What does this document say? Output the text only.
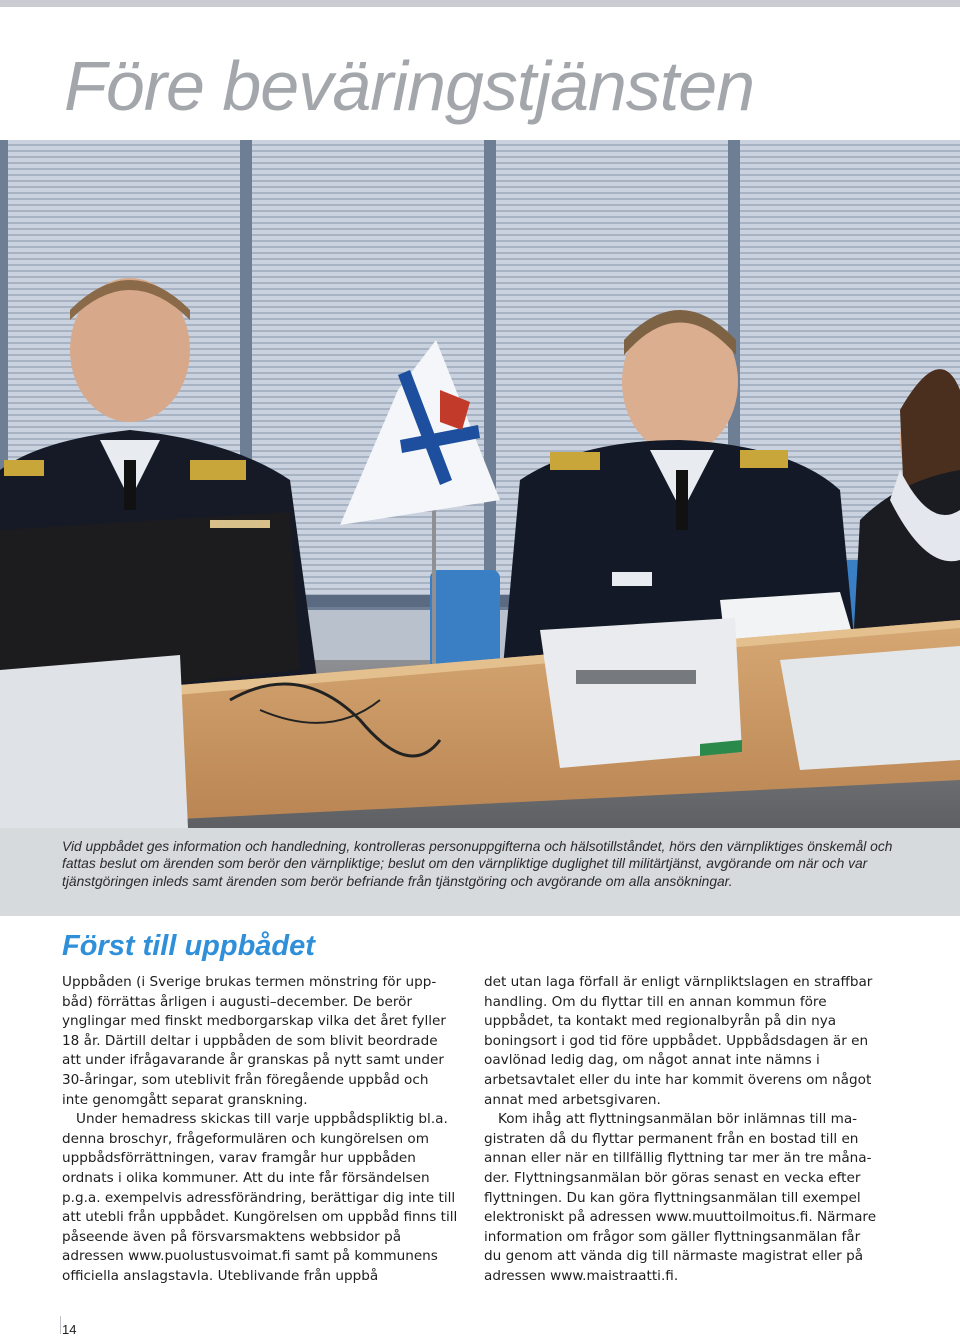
Före beväringstjänsten

Vid uppbådet ges information och handledning, kontrolleras personuppgifterna och hälsotillståndet, hörs den värnpliktiges önskemål och fattas beslut om ärenden som berör den värnpliktige; beslut om den värnpliktige duglighet till militärtjänst, avgörande om när och var tjänstgöringen inleds samt ärenden som berör befriande från tjänstgöring och avgörande om alla ansökningar.

Först till uppbådet

Uppbåden (i Sverige brukas termen mönstring för uppbåd) förrättas årligen i augusti–december. De berör ynglingar med finskt medborgarskap vilka det året fyller 18 år. Därtill deltar i uppbåden de som blivit beordrade att under ifrågavarande år granskas på nytt samt under 30-åringar, som uteblivit från föregående uppbåd och inte genomgått separat granskning.

Under hemadress skickas till varje uppbådspliktig bl.a. denna broschyr, frågeformulären och kungörelsen om uppbådsförrättningen, varav framgår hur uppbåden ordnats i olika kommuner. Att du inte får försändelsen p.g.a. exempelvis adressförändring, berättigar dig inte till att utebli från uppbådet. Kungörelsen om uppbåd finns till påseende även på försvarsmaktens webbsidor på adressen www.puolustusvoimat.fi samt på kommunens officiella anslagstavla. Uteblivande från uppbå

det utan laga förfall är enligt värnpliktslagen en straffbar handling. Om du flyttar till en annan kommun före uppbådet, ta kontakt med regionalbyrån på din nya boningsort i god tid före uppbådet. Uppbådsdagen är en oavlönad ledig dag, om något annat inte nämns i arbetsavtalet eller du inte har kommit överens om något annat med arbetsgivaren.

Kom ihåg att flyttningsanmälan bör inlämnas till magistraten då du flyttar permanent från en bostad till en annan eller när en tillfällig flyttning tar mer än tre månader. Flyttningsanmälan bör göras senast en vecka efter flyttningen. Du kan göra flyttningsanmälan till exempel elektroniskt på adressen www.muuttoilmoitus.fi. Närmare information om frågor som gäller flyttningsanmälan får du genom att vända dig till närmaste magistrat eller på adressen www.maistraatti.fi.

14
